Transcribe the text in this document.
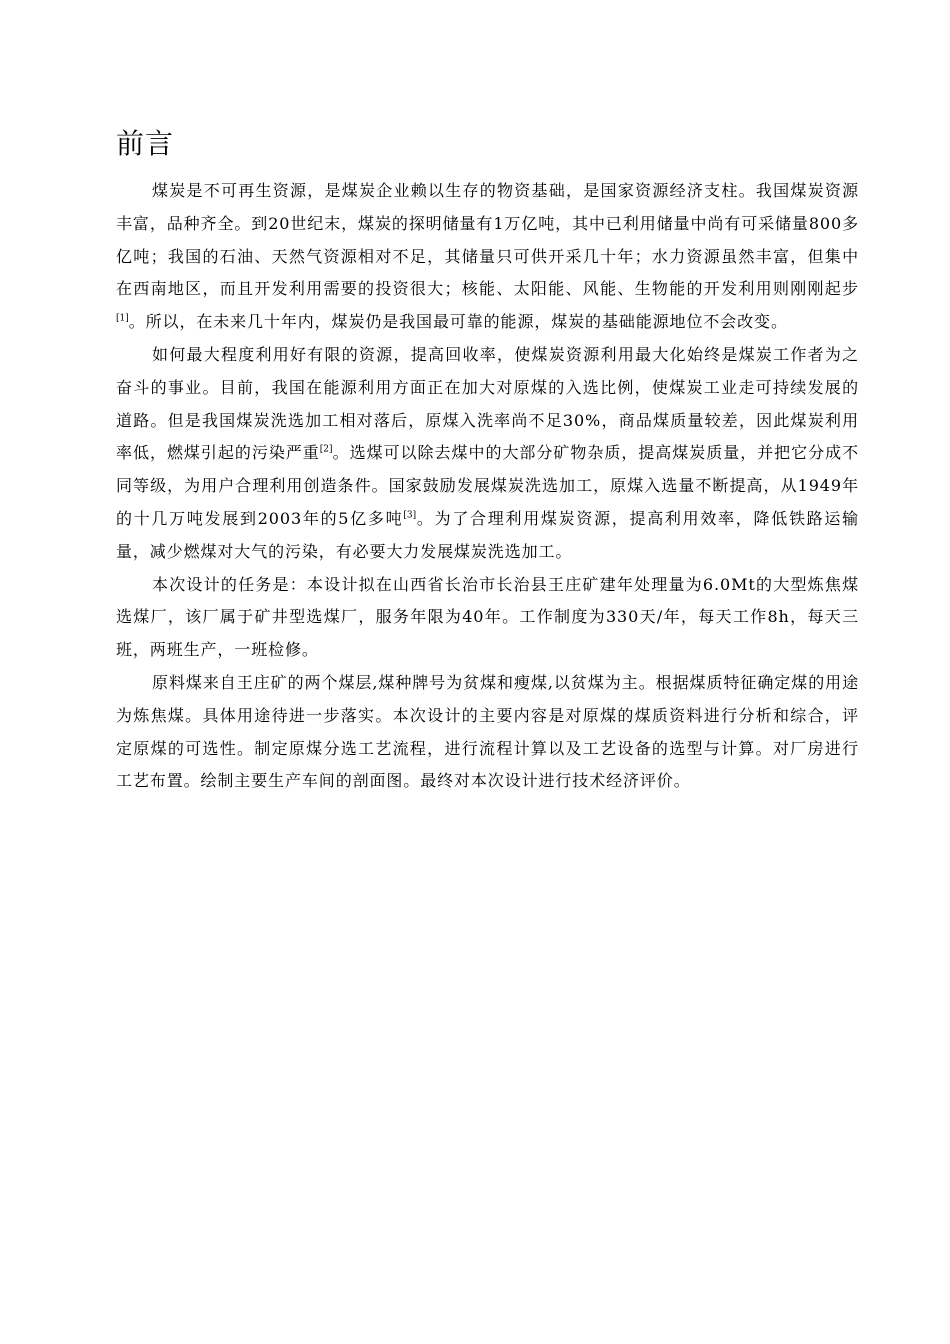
前言

煤炭是不可再生资源，是煤炭企业赖以生存的物资基础，是国家资源经济支柱。我国煤炭资源丰富，品种齐全。到20世纪末，煤炭的探明储量有1万亿吨，其中已利用储量中尚有可采储量800多亿吨；我国的石油、天然气资源相对不足，其储量只可供开采几十年；水力资源虽然丰富，但集中在西南地区，而且开发利用需要的投资很大；核能、太阳能、风能、生物能的开发利用则刚刚起步[1]。所以，在未来几十年内，煤炭仍是我国最可靠的能源，煤炭的基础能源地位不会改变。

如何最大程度利用好有限的资源，提高回收率，使煤炭资源利用最大化始终是煤炭工作者为之奋斗的事业。目前，我国在能源利用方面正在加大对原煤的入选比例，使煤炭工业走可持续发展的道路。但是我国煤炭洗选加工相对落后，原煤入洗率尚不足30%，商品煤质量较差，因此煤炭利用率低，燃煤引起的污染严重[2]。选煤可以除去煤中的大部分矿物杂质，提高煤炭质量，并把它分成不同等级，为用户合理利用创造条件。国家鼓励发展煤炭洗选加工，原煤入选量不断提高，从1949年的十几万吨发展到2003年的5亿多吨[3]。为了合理利用煤炭资源，提高利用效率，降低铁路运输量，减少燃煤对大气的污染，有必要大力发展煤炭洗选加工。

本次设计的任务是：本设计拟在山西省长治市长治县王庄矿建年处理量为6.0Mt的大型炼焦煤选煤厂，该厂属于矿井型选煤厂，服务年限为40年。工作制度为330天/年，每天工作8h，每天三班，两班生产，一班检修。

原料煤来自王庄矿的两个煤层,煤种牌号为贫煤和瘦煤,以贫煤为主。根据煤质特征确定煤的用途为炼焦煤。具体用途待进一步落实。本次设计的主要内容是对原煤的煤质资料进行分析和综合，评定原煤的可选性。制定原煤分选工艺流程，进行流程计算以及工艺设备的选型与计算。对厂房进行工艺布置。绘制主要生产车间的剖面图。最终对本次设计进行技术经济评价。
